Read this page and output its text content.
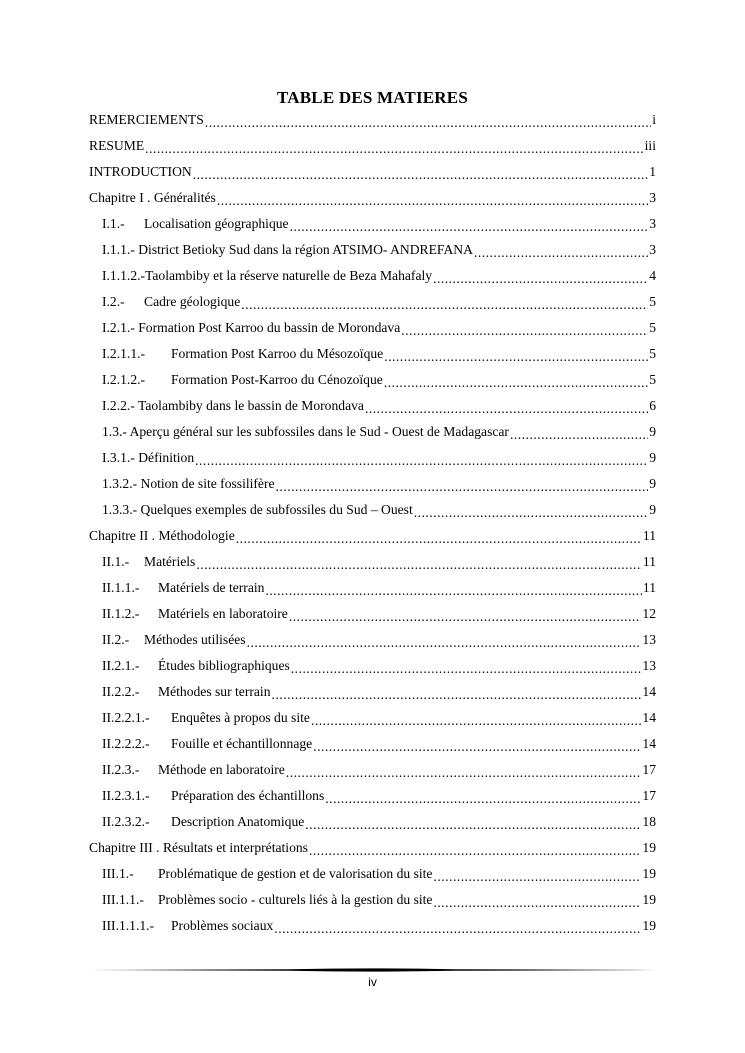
TABLE DES MATIERES
REMERCIEMENTS .....	i
RESUME .....	iii
INTRODUCTION .....	1
Chapitre I . Généralités .....	3
I.1.- Localisation géographique .....	3
I.1.1.- District Betioky Sud dans la région ATSIMO- ANDREFANA .....	3
I.1.1.2.-Taolambiby et la réserve naturelle de Beza Mahafaly .....	4
I.2.- Cadre géologique .....	5
I.2.1.- Formation Post Karroo du bassin de Morondava .....	5
I.2.1.1.- Formation Post Karroo du Mésozoïque .....	5
I.2.1.2.- Formation Post-Karroo du Cénozoïque .....	5
I.2.2.- Taolambiby dans le bassin de Morondava .....	6
1.3.- Aperçu général sur les subfossiles dans le Sud - Ouest de Madagascar .....	9
I.3.1.- Définition .....	9
1.3.2.- Notion de site fossilifère .....	9
1.3.3.- Quelques exemples de subfossiles du Sud – Ouest .....	9
Chapitre II . Méthodologie .....	11
II.1.- Matériels .....	11
II.1.1.- Matériels de terrain .....	11
II.1.2.- Matériels en laboratoire .....	12
II.2.- Méthodes utilisées .....	13
II.2.1.- Études bibliographiques .....	13
II.2.2.- Méthodes sur terrain .....	14
II.2.2.1.- Enquêtes à propos du site .....	14
II.2.2.2.- Fouille et échantillonnage .....	14
II.2.3.- Méthode en laboratoire .....	17
II.2.3.1.- Préparation des échantillons .....	17
II.2.3.2.- Description Anatomique .....	18
Chapitre III . Résultats et interprétations .....	19
III.1.- Problématique de gestion et de valorisation du site .....	19
III.1.1.- Problèmes socio - culturels liés à la gestion du site .....	19
III.1.1.1.- Problèmes sociaux .....	19
iv
